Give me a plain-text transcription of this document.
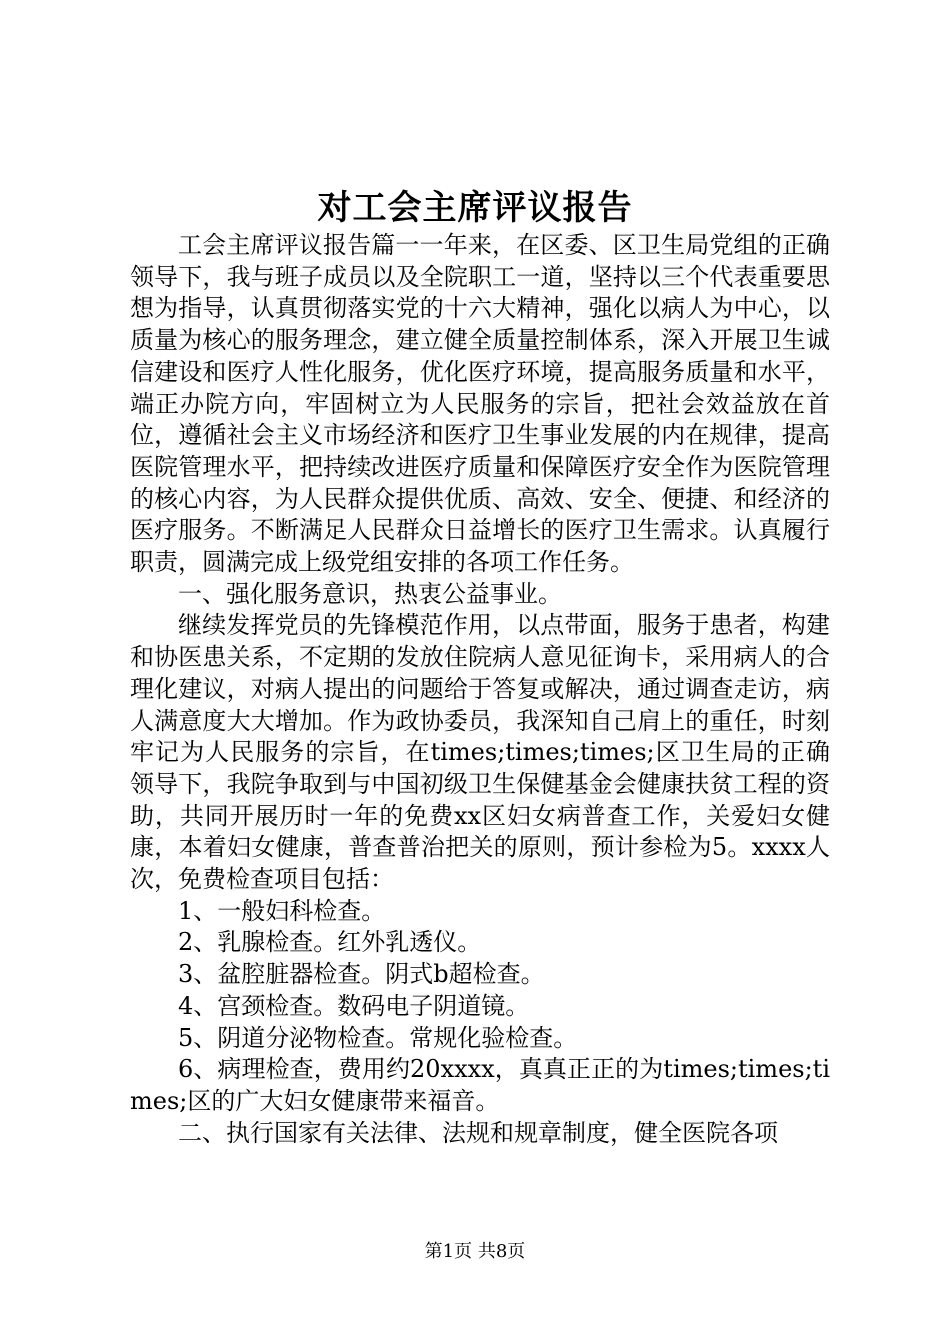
对工会主席评议报告

工会主席评议报告篇一一年来，在区委、区卫生局党组的正确领导下，我与班子成员以及全院职工一道，坚持以三个代表重要思想为指导，认真贯彻落实党的十六大精神，强化以病人为中心，以质量为核心的服务理念，建立健全质量控制体系，深入开展卫生诚信建设和医疗人性化服务，优化医疗环境，提高服务质量和水平，端正办院方向，牢固树立为人民服务的宗旨，把社会效益放在首位，遵循社会主义市场经济和医疗卫生事业发展的内在规律，提高医院管理水平，把持续改进医疗质量和保障医疗安全作为医院管理的核心内容，为人民群众提供优质、高效、安全、便捷、和经济的医疗服务。不断满足人民群众日益增长的医疗卫生需求。认真履行职责，圆满完成上级党组安排的各项工作任务。

一、强化服务意识，热衷公益事业。

继续发挥党员的先锋模范作用，以点带面，服务于患者，构建和协医患关系，不定期的发放住院病人意见征询卡，采用病人的合理化建议，对病人提出的问题给于答复或解决，通过调查走访，病人满意度大大增加。作为政协委员，我深知自己肩上的重任，时刻牢记为人民服务的宗旨，在times;times;times;区卫生局的正确领导下，我院争取到与中国初级卫生保健基金会健康扶贫工程的资助，共同开展历时一年的免费xx区妇女病普查工作，关爱妇女健康，本着妇女健康，普查普治把关的原则，预计参检为5。xxxx人次，免费检查项目包括：

1、一般妇科检查。

2、乳腺检查。红外乳透仪。

3、盆腔脏器检查。阴式b超检查。

4、宫颈检查。数码电子阴道镜。

5、阴道分泌物检查。常规化验检查。

6、病理检查，费用约20xxxx，真真正正的为times;times;times;区的广大妇女健康带来福音。

二、执行国家有关法律、法规和规章制度，健全医院各项

第1页 共8页
